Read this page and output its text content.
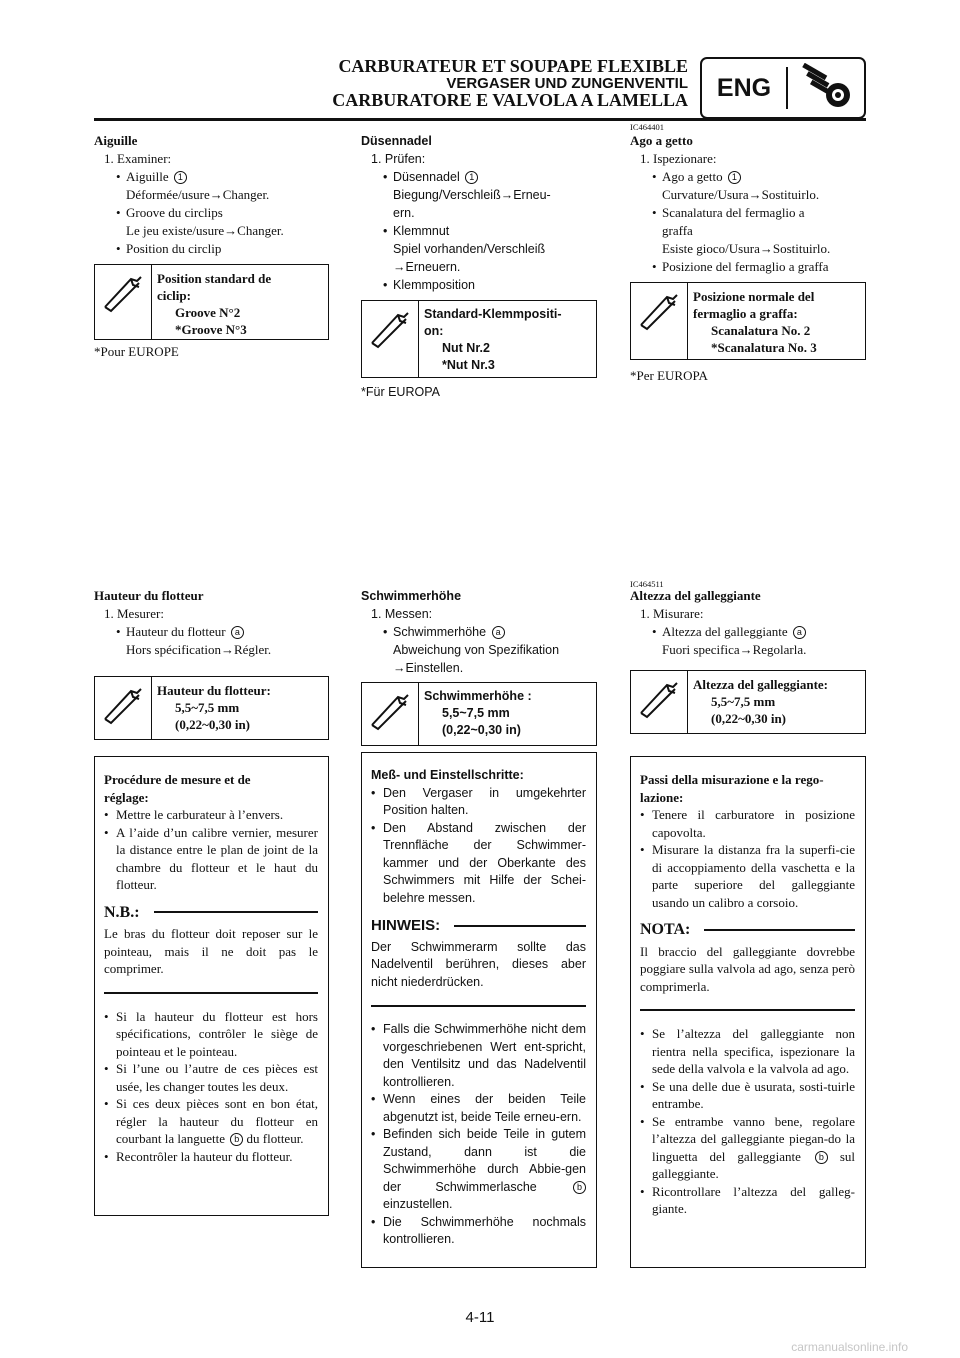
CARBURATEUR ET SOUPAPE FLEXIBLE
VERGASER UND ZUNGENVENTIL
CARBURATORE E VALVOLA A LAMELLA	ENG
IC464401
IC464511
Aiguille
1. Examiner:
• Aiguille 1
Déformée/usure→Changer.
• Groove du circlips
Le jeu existe/usure→Changer.
• Position du circlip
Position standard de
ciclip:
Groove N°2
*Groove N°3
*Pour EUROPE
Düsennadel
1. Prüfen:
• Düsennadel 1
Biegung/Verschleiß→Erneu-
ern.
• Klemmnut
Spiel vorhanden/Verschleiß
→Erneuern.
• Klemmposition
Standard-Klemmpositi-
on:
Nut Nr.2
*Nut Nr.3
*Für EUROPA
Ago a getto
1. Ispezionare:
• Ago a getto 1
Curvature/Usura→Sostituirlo.
• Scanalatura del fermaglio a
graffa
Esiste gioco/Usura→Sostituirlo.
• Posizione del fermaglio a graffa
Posizione normale del
fermaglio a graffa:
Scanalatura No. 2
*Scanalatura No. 3
*Per EUROPA
Hauteur du flotteur
1. Mesurer:
• Hauteur du flotteur a
Hors spécification→Régler.
Hauteur du flotteur:
5,5~7,5 mm
(0,22~0,30 in)

Procédure de mesure et de

réglage:

• Mettre le carburateur à l’envers.

• A l’aide d’un calibre vernier, mesurer la distance entre le plan de joint de la chambre du flotteur et le haut du flotteur.

N.B.:

Le bras du flotteur doit reposer sur le pointeau, mais il ne doit pas le comprimer.

• Si la hauteur du flotteur est hors spécifications, contrôler le siège de pointeau et le pointeau.

• Si l’une ou l’autre de ces pièces est usée, les changer toutes les deux.

• Si ces deux pièces sont en bon état, régler la hauteur du flotteur en courbant la languette b du flotteur.

• Recontrôler la hauteur du flotteur.

Schwimmerhöhe
1. Messen:
• Schwimmerhöhe a
Abweichung von Spezifikation
→Einstellen.
Schwimmerhöhe :
5,5~7,5 mm
(0,22~0,30 in)

Meß- und Einstellschritte:

• Den Vergaser in umgekehrter Position halten.

• Den Abstand zwischen der Trennfläche der Schwimmer-kammer und der Oberkante des Schwimmers mit Hilfe der Schei-belehre messen.

HINWEIS:

Der Schwimmerarm sollte das Nadelventil berühren, dieses aber nicht niederdrücken.

• Falls die Schwimmerhöhe nicht dem vorgeschriebenen Wert ent-spricht, den Ventilsitz und das Nadelventil kontrollieren.

• Wenn eines der beiden Teile abgenutzt ist, beide Teile erneu-ern.

• Befinden sich beide Teile in gutem Zustand, dann ist die Schwimmerhöhe durch Abbie-gen der Schwimmerlasche	b einzustellen.

• Die Schwimmerhöhe nochmals kontrollieren.

Altezza del galleggiante
1. Misurare:
• Altezza del galleggiante a
Fuori specifica→Regolarla.
Altezza del galleggiante:
5,5~7,5 mm
(0,22~0,30 in)

Passi della misurazione e la rego-

lazione:

• Tenere il carburatore in posizione capovolta.

• Misurare la distanza fra la superfi-cie di accoppiamento della vaschetta e la parte superiore del galleggiante usando un calibro a corsoio.

NOTA:

Il braccio del galleggiante dovrebbe poggiare sulla valvola ad ago, senza però comprimerla.

• Se l’altezza del galleggiante non rientra nella specifica, ispezionare la sede della valvola e la valvola ad ago.

• Se una delle due è usurata, sosti-tuirle entrambe.

• Se entrambe vanno bene, regolare l’altezza del galleggiante piegan-do la linguetta del galleggiante b sul galleggiante.

• Ricontrollare l’altezza del galleg-giante.

4-11
carmanualsonline.info
